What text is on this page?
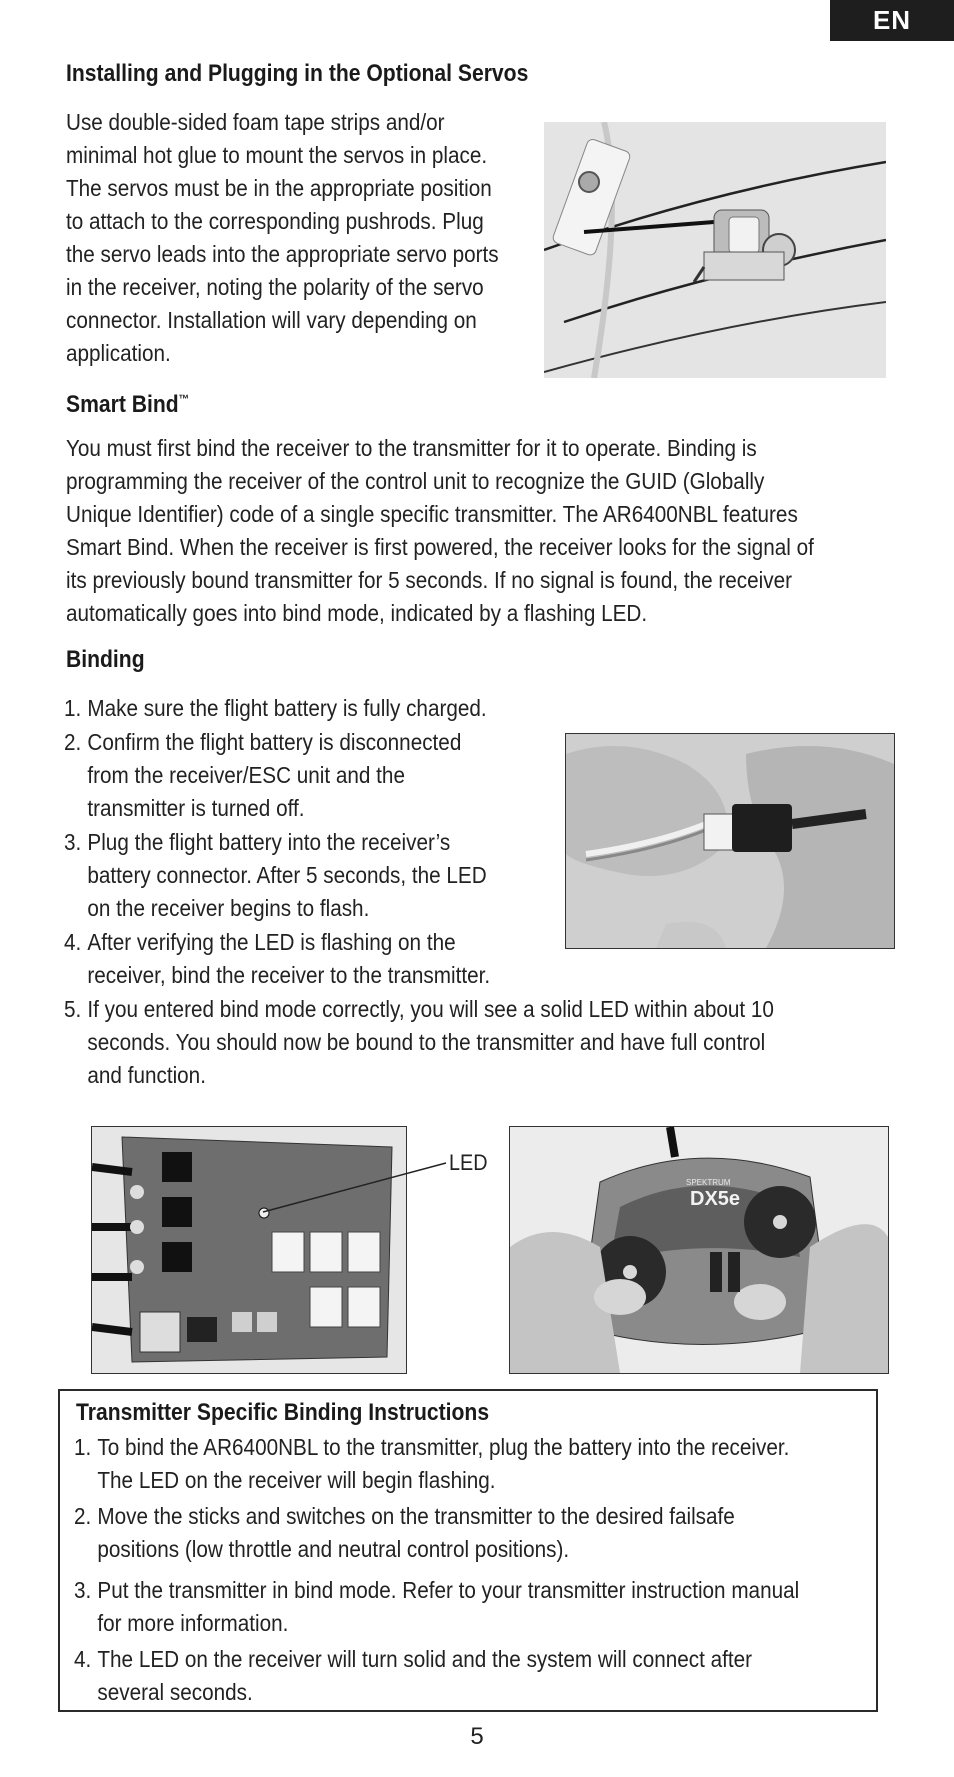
EN
Installing and Plugging in the Optional Servos
Use double-sided foam tape strips and/or
minimal hot glue to mount the servos in place.
The servos must be in the appropriate position
to attach to the corresponding pushrods. Plug
the servo leads into the appropriate servo ports
in the receiver, noting the polarity of the servo
connector. Installation will vary depending on
application.
Smart Bind™
You must first bind the receiver to the transmitter for it to operate. Binding is
programming the receiver of the control unit to recognize the GUID (Globally
Unique Identifier) code of a single specific transmitter. The AR6400NBL features
Smart Bind. When the receiver is first powered, the receiver looks for the signal of
its previously bound transmitter for 5 seconds. If no signal is found, the receiver
automatically goes into bind mode, indicated by a flashing LED.
Binding
1. Make sure the flight battery is fully charged.
2. Confirm the flight battery is disconnected
from the receiver/ESC unit and the
transmitter is turned off.
3. Plug the flight battery into the receiver’s
battery connector. After 5 seconds, the LED
on the receiver begins to flash.
4. After verifying the LED is flashing on the
receiver, bind the receiver to the transmitter.
5. If you entered bind mode correctly, you will see a solid LED within about 10
seconds. You should now be bound to the transmitter and have full control
and function.
LED
SPEKTRUM
DX5e
Transmitter Specific Binding Instructions
1. To bind the AR6400NBL to the transmitter, plug the battery into the receiver.
The LED on the receiver will begin flashing.
2. Move the sticks and switches on the transmitter to the desired failsafe
positions (low throttle and neutral control positions).
3. Put the transmitter in bind mode. Refer to your transmitter instruction manual
for more information.
4. The LED on the receiver will turn solid and the system will connect after
several seconds.
5
